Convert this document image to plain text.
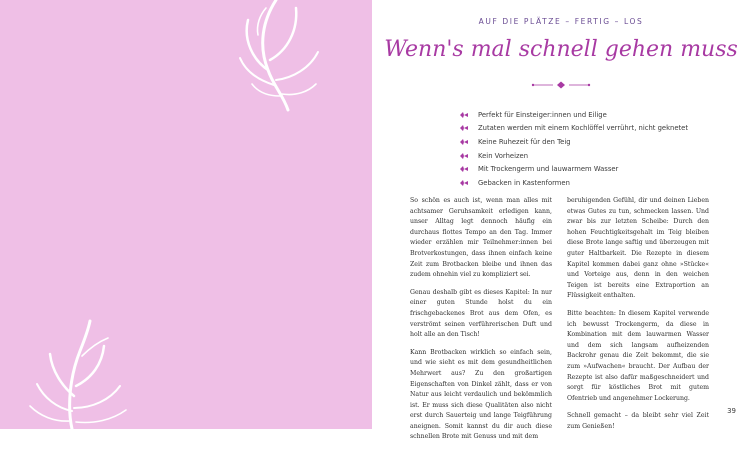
AUF DIE PLÄTZE – FERTIG – LOS
Wenn's mal schnell gehen muss
Perfekt für Einsteiger:innen und Eilige
Zutaten werden mit einem Kochlöffel verrührt, nicht geknetet
Keine Ruhezeit für den Teig
Kein Vorheizen
Mit Trockengerm und lauwarmem Wasser
Gebacken in Kastenformen

So schön es auch ist, wenn man alles mit achtsamer Geruhsamkeit erledigen kann, unser Alltag legt dennoch häufig ein durchaus flottes Tempo an den Tag. Immer wieder erzählen mir Teilnehmer:innen bei Brotverkostungen, dass ihnen einfach keine Zeit zum Brotbacken bleibe und ihnen das zudem ohnehin viel zu kompliziert sei.

Genau deshalb gibt es dieses Kapitel: In nur einer guten Stunde holst du ein frischgebackenes Brot aus dem Ofen, es verströmt seinen verführerischen Duft und holt alle an den Tisch!

Kann Brotbacken wirklich so einfach sein, und wie sieht es mit dem gesundheitlichen Mehrwert aus? Zu den großartigen Eigenschaften von Dinkel zählt, dass er von Natur aus leicht verdaulich und bekömmlich ist. Er muss sich diese Qualitäten also nicht erst durch Sauerteig und lange Teigführung aneignen. Somit kannst du dir auch diese schnellen Brote mit Genuss und mit dem

beruhigenden Gefühl, dir und deinen Lieben etwas Gutes zu tun, schmecken lassen. Und zwar bis zur letzten Scheibe: Durch den hohen Feuchtigkeitsgehalt im Teig bleiben diese Brote lange saftig und überzeugen mit guter Haltbarkeit. Die Rezepte in diesem Kapitel kommen dabei ganz ohne »Stücke« und Vorteige aus, denn in den weichen Teigen ist bereits eine Extraportion an Flüssigkeit enthalten.

Bitte beachten: In diesem Kapitel verwende ich bewusst Trockengerm, da diese in Kombination mit dem lauwarmen Wasser und dem sich langsam aufheizenden Backrohr genau die Zeit bekommt, die sie zum »Aufwachen« braucht. Der Aufbau der Rezepte ist also dafür maßgeschneidert und sorgt für köstliches Brot mit gutem Ofentrieb und angenehmer Lockerung.

Schnell gemacht – da bleibt sehr viel Zeit zum Genießen!

39
